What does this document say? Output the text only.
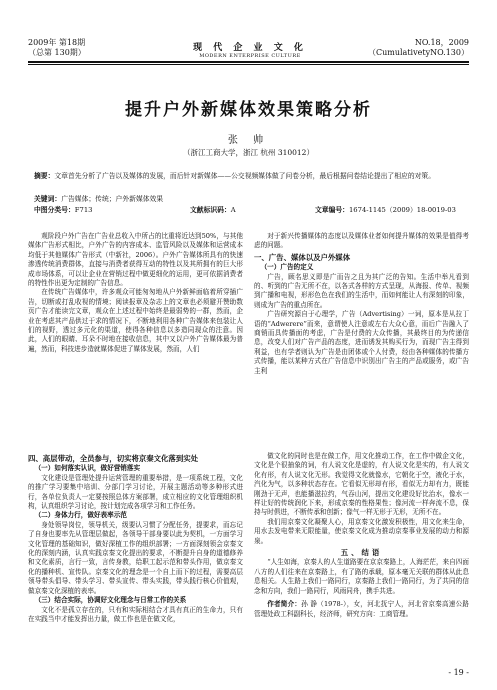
2009年 第18期
（总第 130期）	现 代 企 业 文 化
MODERN ENTERPRISE CULTURE
NO.18，2009
（CumulativetyNO.130）
提升户外新媒体效果策略分析
张 帅
（浙江工商大学，浙江 杭州 310012）
摘要：文章首先分析了广告以及媒体的发展，而后针对新媒体——公交视频媒体做了问卷分析，最后根据问卷结论提出了相应的对策。
关键词：广告媒体；传统；户外新媒体效果
中图分类号：F713	文献标识码：A	文章编号：1674-1145（2009）18-0019-03

观阶段户外广告在广告业总收入中所占的比重将近达到50%，与其他媒体广告形式相比，户外广告的内容成本、监管风险以及媒体和运营成本均低于其他媒体广告形式（中新社，2006）。户外广告媒体所具有的快速渗透传统消费群体，直接与消费者获得互动的特性以及其所拥有的巨大形成市场体系，可以让企业在营销过程中做更细化的运用，更可依据消费者的特性作出更为定制的广告信息。

在传统广告媒体中，许多观众可能匆匆地从户外新鲜面临着所穿插广告，切断或打乱收视的情境；阅读报章及杂志上的文章也必须避开赞助数页广告才能读完文章，观众在上述过程中始终是最弱势的一群，然而，企业在考虑其产品供过于求的情况下，不断地利用各种广告媒体来包装让人们的视野，透过多元化的渠道，使得各种信息以多造同现众的注意。因此，人们的眼睛、耳朵不时地在接收信息，其中又以户外广告媒体最为普遍，然而，科技进步造就媒体促进了媒体发展，然而，人们

对于新兴传播媒体的态度以及媒体业者如何提升媒体的效果是值得考虑的问题。

一、广告、媒体以及户外媒体

（一）广告的定义

广告，顾名思义即是广而告之且为其广泛的告知。生活中举凡看到的、听到的广告无所不在，以各式各样的方式呈现，从海报、传单、视频到广播和电视，形形色色在我们的生活中，而如何能让人有深刻的印象，则成为广告的重点所在。

广告研究源自于心理学，广告（Advertising）一词，原本是从拉丁语的“Adwerere”而来，意谓使人注意或左右大众心意，而后广告融入了商销而具传播面的考虑，广告是付费的大众传播，其最终目的为传递信息，改变人们对广告产品的态度，进而诱发其购买行为，而现广告主得到利益，也有学者则认为广告是由团体或个人付费，经由各种媒体的传播方式传播，能以某种方式在广告信息中识别出广告主的产品或服务，或广告主利

四、高层带动，全员参与，切实将京秦文化落到实处

（一）如何落实认识，做好营销落实

文化建设是管理处提升运营管理的重要举措，是一项系统工程，文化的推广学习要集中培训、分部门学习讨论，开展主题活动等多种形式进行，各单位负责人一定要按照总体方案部署，成立相应的文化管理组织机构，认真组织学习讨论，按计划完成各项学习和工作任务。

（二）身体力行，做好表率示范

身处领导岗位，领导机关，级要认习惯了分配任务，提要求，而忘记了自身也要率先从管理层做起，各领导干部身要以此为契机，一方面学习文化管理的基础知识，做好深植工作的组织部署；一方面深刻领会京秦文化的深刻内涵，认真实践京秦文化提出的要求，不断提升自身的道德修养和文化素质，言行一致，言传身教，给职工起示范和带头作用，做京秦文化的播种机、宣传队。京秦文化的理念是一个自上而下的过程，需要高层领导带头倡导、带头学习、带头宣传、带头实践，带头践行核心价值观，做京秦文化深植的表率。

（三）结合实际，协调好文化理念与日常工作的关系

文化不是孤立存在的，只有和实际相结合才具有真正的生命力，只有在实践当中才能发挥出力量，做工作也是在做文化，

做文化的同时也是在做工作，用文化推动工作，在工作中做企文化，文化是个很抽象的词，有人说文化是虚的，有人说文化是实的，有人说文化有形，有人说文化无形。我觉得文化就像水，它朝化于空，液化于水，汽化为气，以多种状态存在。它看似无形却有形，看似无力却有力，既能刚劲于无声，也能播滋拉约，气吞山河，提出文化建设好比治水，像水一样让好的传统润化下来，形成京秦的性格果性；像河流一样奔流不息，保持与时俱进，不断传承和创新；像气一样无形于无形，无所不在。

我们用京秦文化凝聚人心，用京秦文化激发积极性，用文化来生命，用水去发电带来无限能量，使京秦文化成为推动京秦事业发展的动力和源泉。

五、结语

“人生如海，京秦人的人生道路要在京京秦路上，人海茫茫，来自四面八方的人们往来在京秦路上，有了路的承载，原本毫无关联的群体从此息息相关。人生路上我们一路同行，京秦路上我们一路同行，为了共同的信念和方向，我们一路同行，风雨同舟，携手共进。

作者简介：孙 静（1978-），女，河北抚宁人，河北省京秦高速公路管理处政工科副科长，经济师，研究方向：工商管理。

- 19 -
